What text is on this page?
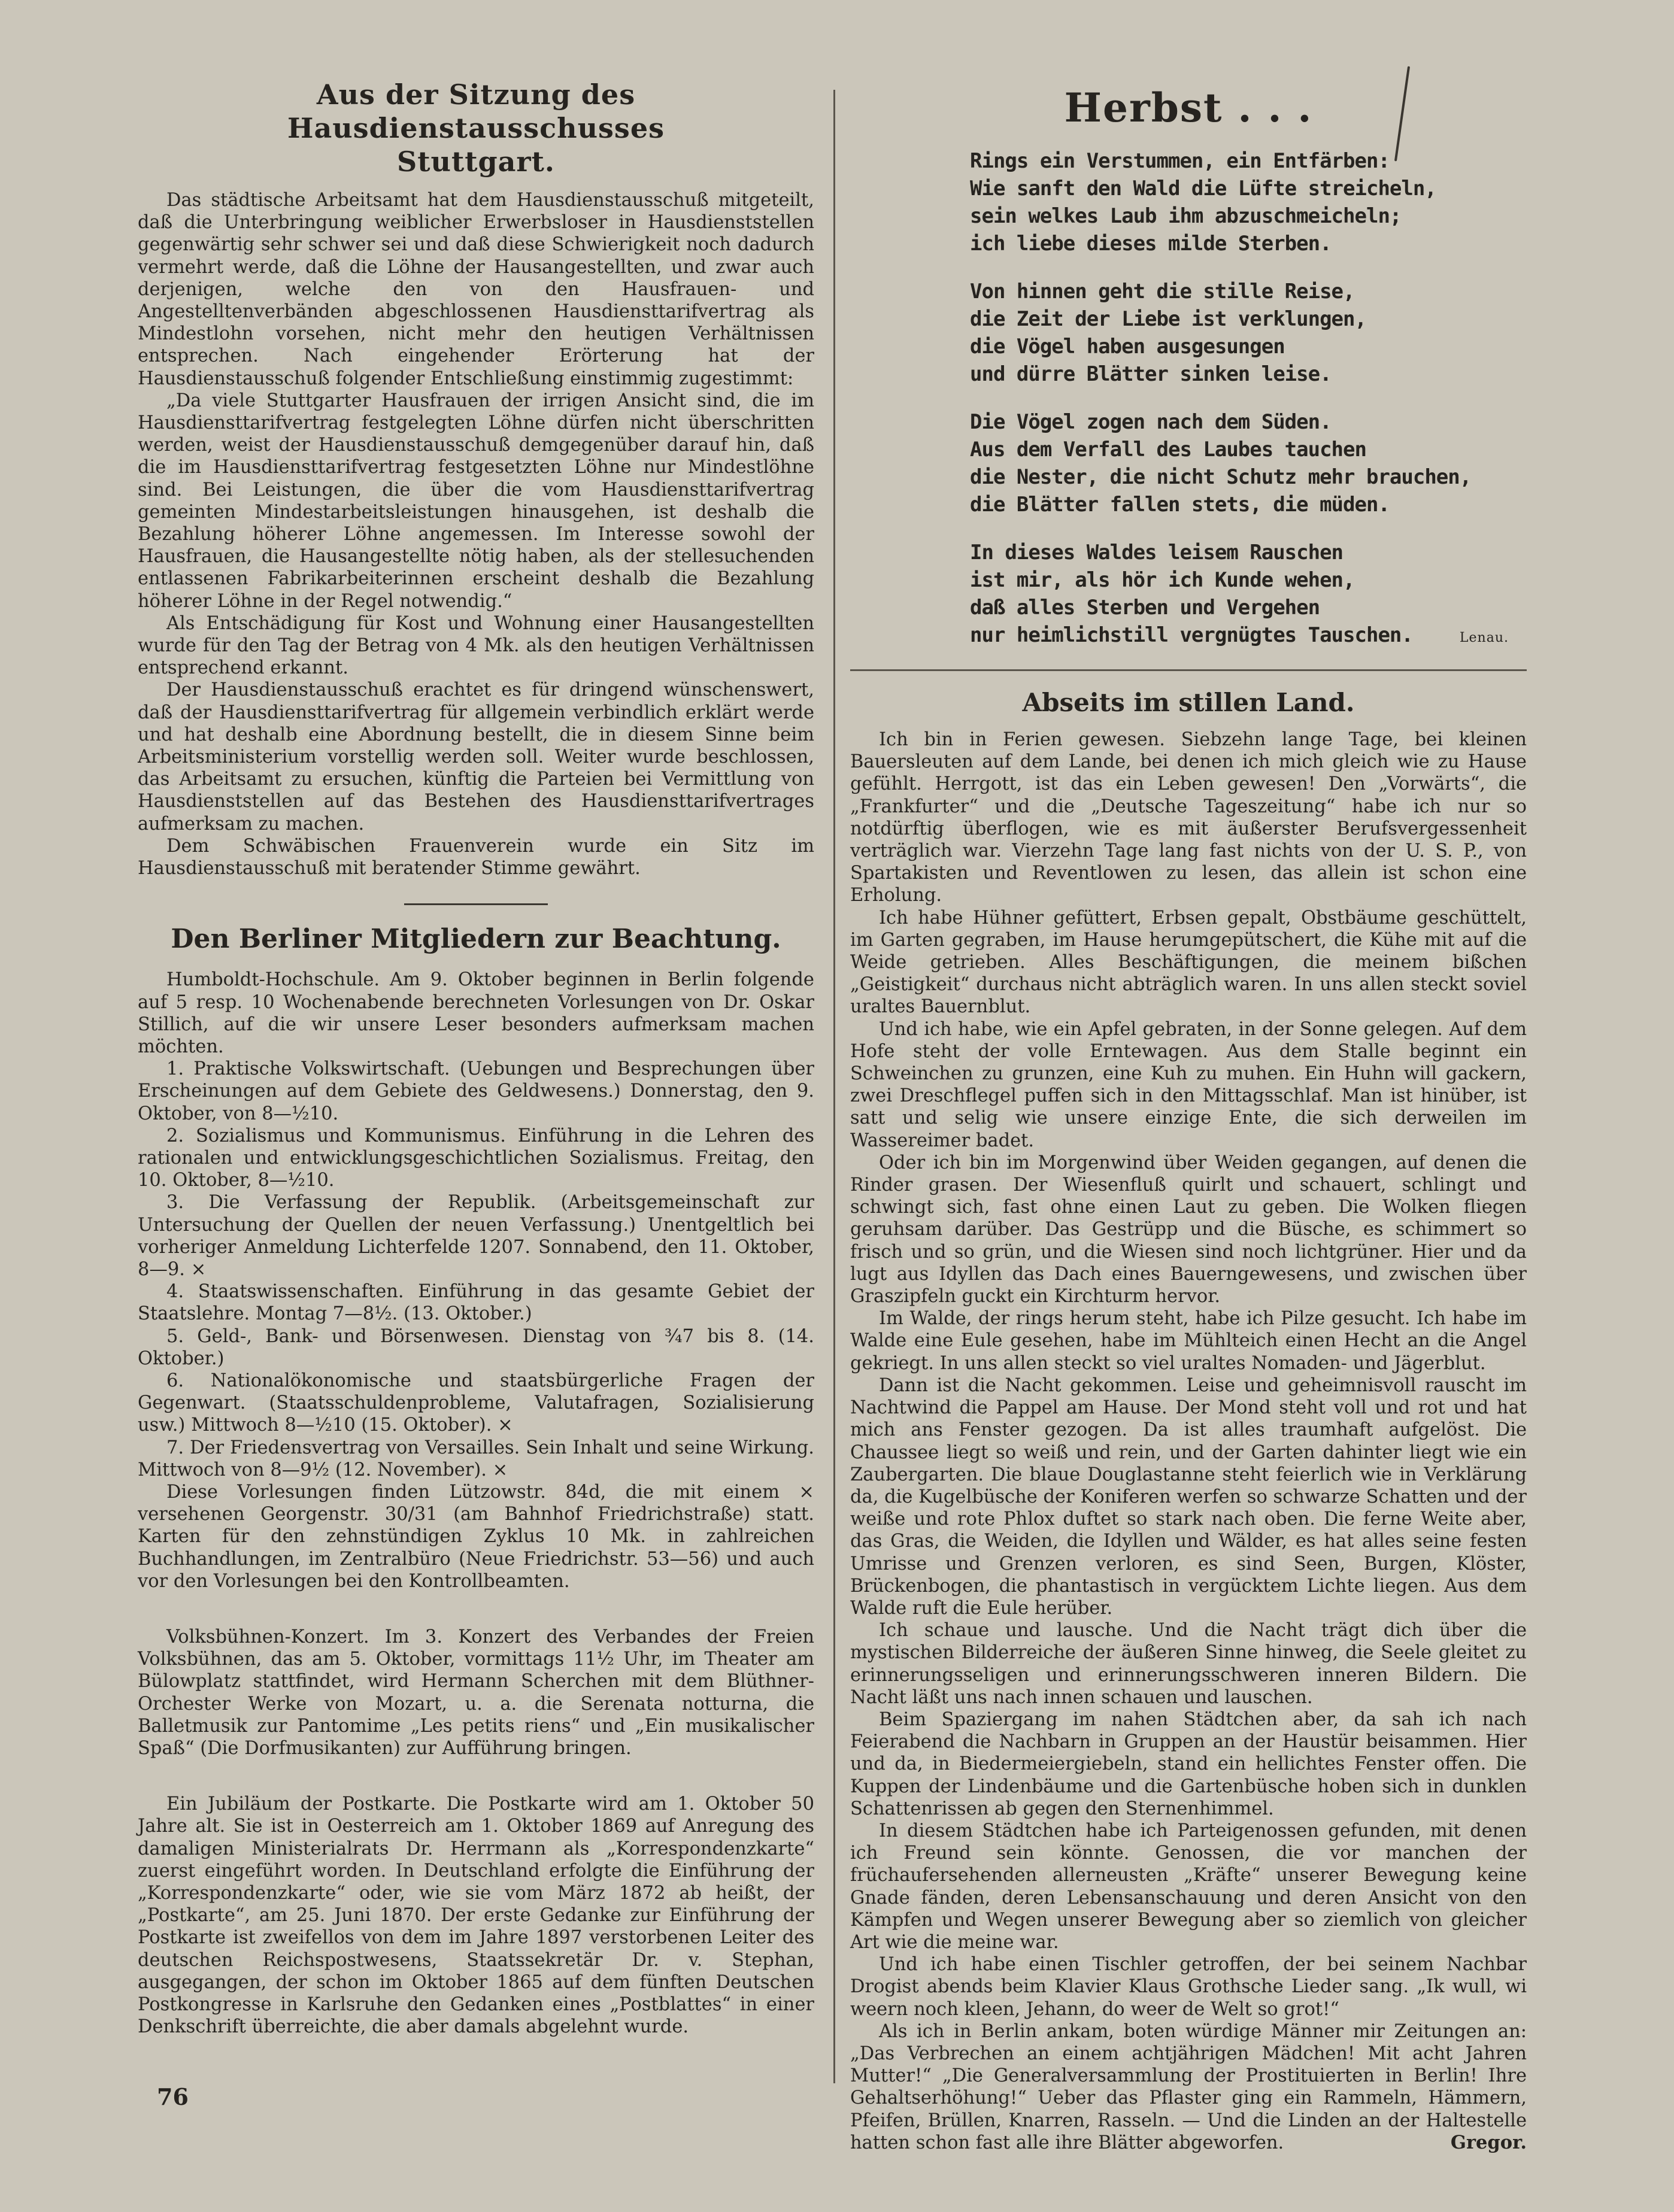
Aus der Sitzung des Hausdienstausschusses
Stuttgart.

Das städtische Arbeitsamt hat dem Hausdienstausschuß mitgeteilt, daß die Unterbringung weiblicher Erwerbsloser in Hausdienststellen gegenwärtig sehr schwer sei und daß diese Schwierigkeit noch dadurch vermehrt werde, daß die Löhne der Hausangestellten, und zwar auch derjenigen, welche den von den Hausfrauen- und Angestelltenverbänden abgeschlossenen Hausdiensttarifvertrag als Mindestlohn vorsehen, nicht mehr den heutigen Verhältnissen entsprechen. Nach eingehender Erörterung hat der Hausdienstausschuß folgender Entschließung einstimmig zugestimmt:

„Da viele Stuttgarter Hausfrauen der irrigen Ansicht sind, die im Hausdiensttarifvertrag festgelegten Löhne dürfen nicht überschritten werden, weist der Hausdienstausschuß demgegenüber darauf hin, daß die im Hausdiensttarifvertrag festgesetzten Löhne nur Mindestlöhne sind. Bei Leistungen, die über die vom Hausdiensttarifvertrag gemeinten Mindestarbeitsleistungen hinausgehen, ist deshalb die Bezahlung höherer Löhne angemessen. Im Interesse sowohl der Hausfrauen, die Hausangestellte nötig haben, als der stellesuchenden entlassenen Fabrikarbeiterinnen erscheint deshalb die Bezahlung höherer Löhne in der Regel notwendig.“

Als Entschädigung für Kost und Wohnung einer Hausangestellten wurde für den Tag der Betrag von 4 Mk. als den heutigen Verhältnissen entsprechend erkannt.

Der Hausdienstausschuß erachtet es für dringend wünschenswert, daß der Hausdiensttarifvertrag für allgemein verbindlich erklärt werde und hat deshalb eine Abordnung bestellt, die in diesem Sinne beim Arbeitsministerium vorstellig werden soll. Weiter wurde beschlossen, das Arbeitsamt zu ersuchen, künftig die Parteien bei Vermittlung von Hausdienststellen auf das Bestehen des Hausdiensttarifvertrages aufmerksam zu machen.

Dem Schwäbischen Frauenverein wurde ein Sitz im Hausdienstausschuß mit beratender Stimme gewährt.

Den Berliner Mitgliedern zur Beachtung.

Humboldt-Hochschule. Am 9. Oktober beginnen in Berlin folgende auf 5 resp. 10 Wochenabende berechneten Vorlesungen von Dr. Oskar Stillich, auf die wir unsere Leser besonders aufmerksam machen möchten.

1. Praktische Volkswirtschaft. (Uebungen und Besprechungen über Erscheinungen auf dem Gebiete des Geldwesens.) Donnerstag, den 9. Oktober, von 8—½10.

2. Sozialismus und Kommunismus. Einführung in die Lehren des rationalen und entwicklungsgeschichtlichen Sozialismus. Freitag, den 10. Oktober, 8—½10.

3. Die Verfassung der Republik. (Arbeitsgemeinschaft zur Untersuchung der Quellen der neuen Verfassung.) Unentgeltlich bei vorheriger Anmeldung Lichterfelde 1207. Sonnabend, den 11. Oktober, 8—9. ×

4. Staatswissenschaften. Einführung in das gesamte Gebiet der Staatslehre. Montag 7—8½. (13. Oktober.)

5. Geld-, Bank- und Börsenwesen. Dienstag von ¾7 bis 8. (14. Oktober.)

6. Nationalökonomische und staatsbürgerliche Fragen der Gegenwart. (Staatsschuldenprobleme, Valutafragen, Sozialisierung usw.) Mittwoch 8—½10 (15. Oktober). ×

7. Der Friedensvertrag von Versailles. Sein Inhalt und seine Wirkung. Mittwoch von 8—9½ (12. November). ×

Diese Vorlesungen finden Lützowstr. 84d, die mit einem × versehenen Georgenstr. 30/31 (am Bahnhof Friedrichstraße) statt. Karten für den zehnstündigen Zyklus 10 Mk. in zahlreichen Buchhandlungen, im Zentralbüro (Neue Friedrichstr. 53—56) und auch vor den Vorlesungen bei den Kontrollbeamten.

Volksbühnen-Konzert. Im 3. Konzert des Verbandes der Freien Volksbühnen, das am 5. Oktober, vormittags 11½ Uhr, im Theater am Bülowplatz stattfindet, wird Hermann Scherchen mit dem Blüthner-Orchester Werke von Mozart, u. a. die Serenata notturna, die Balletmusik zur Pantomime „Les petits riens“ und „Ein musikalischer Spaß“ (Die Dorfmusikanten) zur Aufführung bringen.

Ein Jubiläum der Postkarte. Die Postkarte wird am 1. Oktober 50 Jahre alt. Sie ist in Oesterreich am 1. Oktober 1869 auf Anregung des damaligen Ministerialrats Dr. Herrmann als „Korrespondenzkarte“ zuerst eingeführt worden. In Deutschland erfolgte die Einführung der „Korrespondenzkarte“ oder, wie sie vom März 1872 ab heißt, der „Postkarte“, am 25. Juni 1870. Der erste Gedanke zur Einführung der Postkarte ist zweifellos von dem im Jahre 1897 verstorbenen Leiter des deutschen Reichspostwesens, Staatssekretär Dr. v. Stephan, ausgegangen, der schon im Oktober 1865 auf dem fünften Deutschen Postkongresse in Karlsruhe den Gedanken eines „Postblattes“ in einer Denkschrift überreichte, die aber damals abgelehnt wurde.

Herbst . . .
Rings ein Verstummen, ein Entfärben:
Wie sanft den Wald die Lüfte streicheln,
sein welkes Laub ihm abzuschmeicheln;
ich liebe dieses milde Sterben.
Von hinnen geht die stille Reise,
die Zeit der Liebe ist verklungen,
die Vögel haben ausgesungen
und dürre Blätter sinken leise.
Die Vögel zogen nach dem Süden.
Aus dem Verfall des Laubes tauchen
die Nester, die nicht Schutz mehr brauchen,
die Blätter fallen stets, die müden.
In dieses Waldes leisem Rauschen
ist mir, als hör ich Kunde wehen,
daß alles Sterben und Vergehen
nur heimlichstill vergnügtes Tauschen.	Lenau.
Abseits im stillen Land.

Ich bin in Ferien gewesen. Siebzehn lange Tage, bei kleinen Bauersleuten auf dem Lande, bei denen ich mich gleich wie zu Hause gefühlt. Herrgott, ist das ein Leben gewesen! Den „Vorwärts“, die „Frankfurter“ und die „Deutsche Tageszeitung“ habe ich nur so notdürftig überflogen, wie es mit äußerster Berufsvergessenheit verträglich war. Vierzehn Tage lang fast nichts von der U. S. P., von Spartakisten und Reventlowen zu lesen, das allein ist schon eine Erholung.

Ich habe Hühner gefüttert, Erbsen gepalt, Obstbäume geschüttelt, im Garten gegraben, im Hause herumgepütschert, die Kühe mit auf die Weide getrieben. Alles Beschäftigungen, die meinem bißchen „Geistigkeit“ durchaus nicht abträglich waren. In uns allen steckt soviel uraltes Bauernblut.

Und ich habe, wie ein Apfel gebraten, in der Sonne gelegen. Auf dem Hofe steht der volle Erntewagen. Aus dem Stalle beginnt ein Schweinchen zu grunzen, eine Kuh zu muhen. Ein Huhn will gackern, zwei Dreschflegel puffen sich in den Mittagsschlaf. Man ist hinüber, ist satt und selig wie unsere einzige Ente, die sich derweilen im Wassereimer badet.

Oder ich bin im Morgenwind über Weiden gegangen, auf denen die Rinder grasen. Der Wiesenfluß quirlt und schauert, schlingt und schwingt sich, fast ohne einen Laut zu geben. Die Wolken fliegen geruhsam darüber. Das Gestrüpp und die Büsche, es schimmert so frisch und so grün, und die Wiesen sind noch lichtgrüner. Hier und da lugt aus Idyllen das Dach eines Bauerngewesens, und zwischen über Graszipfeln guckt ein Kirchturm hervor.

Im Walde, der rings herum steht, habe ich Pilze gesucht. Ich habe im Walde eine Eule gesehen, habe im Mühlteich einen Hecht an die Angel gekriegt. In uns allen steckt so viel uraltes Nomaden- und Jägerblut.

Dann ist die Nacht gekommen. Leise und geheimnisvoll rauscht im Nachtwind die Pappel am Hause. Der Mond steht voll und rot und hat mich ans Fenster gezogen. Da ist alles traumhaft aufgelöst. Die Chaussee liegt so weiß und rein, und der Garten dahinter liegt wie ein Zaubergarten. Die blaue Douglastanne steht feierlich wie in Verklärung da, die Kugelbüsche der Koniferen werfen so schwarze Schatten und der weiße und rote Phlox duftet so stark nach oben. Die ferne Weite aber, das Gras, die Weiden, die Idyllen und Wälder, es hat alles seine festen Umrisse und Grenzen verloren, es sind Seen, Burgen, Klöster, Brückenbogen, die phantastisch in vergücktem Lichte liegen. Aus dem Walde ruft die Eule herüber.

Ich schaue und lausche. Und die Nacht trägt dich über die mystischen Bilderreiche der äußeren Sinne hinweg, die Seele gleitet zu erinnerungsseligen und erinnerungsschweren inneren Bildern. Die Nacht läßt uns nach innen schauen und lauschen.

Beim Spaziergang im nahen Städtchen aber, da sah ich nach Feierabend die Nachbarn in Gruppen an der Haustür beisammen. Hier und da, in Biedermeiergiebeln, stand ein hellichtes Fenster offen. Die Kuppen der Lindenbäume und die Gartenbüsche hoben sich in dunklen Schattenrissen ab gegen den Sternenhimmel.

In diesem Städtchen habe ich Parteigenossen gefunden, mit denen ich Freund sein könnte. Genossen, die vor manchen der früchaufersehenden allerneusten „Kräfte“ unserer Bewegung keine Gnade fänden, deren Lebensanschauung und deren Ansicht von den Kämpfen und Wegen unserer Bewegung aber so ziemlich von gleicher Art wie die meine war.

Und ich habe einen Tischler getroffen, der bei seinem Nachbar Drogist abends beim Klavier Klaus Grothsche Lieder sang. „Ik wull, wi weern noch kleen, Jehann, do weer de Welt so grot!“

Als ich in Berlin ankam, boten würdige Männer mir Zeitungen an: „Das Verbrechen an einem achtjährigen Mädchen! Mit acht Jahren Mutter!“ „Die Generalversammlung der Prostituierten in Berlin! Ihre Gehaltserhöhung!“ Ueber das Pflaster ging ein Rammeln, Hämmern, Pfeifen, Brüllen, Knarren, Rasseln. — Und die Linden an der Haltestelle hatten schon fast alle ihre Blätter abgeworfen.	Gregor.

76
